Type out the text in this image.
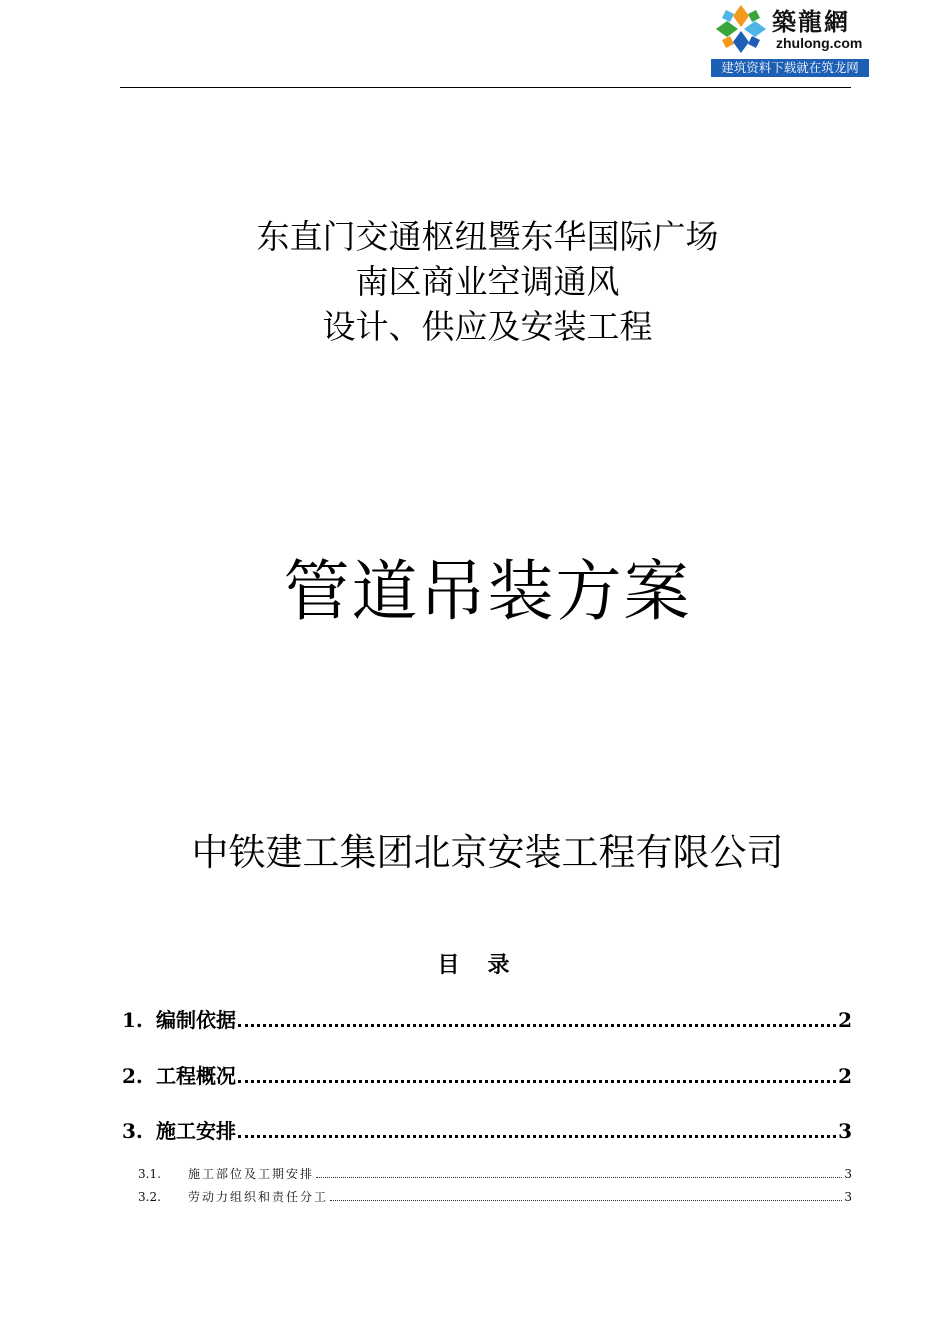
築龍網
zhulong.com
建筑资料下载就在筑龙网
东直门交通枢纽暨东华国际广场
南区商业空调通风
设计、供应及安装工程
管道吊装方案
中铁建工集团北京安装工程有限公司
目录
1. 编制依据	2
2. 工程概况	2
3. 施工安排	3
3.1.	施工部位及工期安排	3
3.2.	劳动力组织和责任分工	3
